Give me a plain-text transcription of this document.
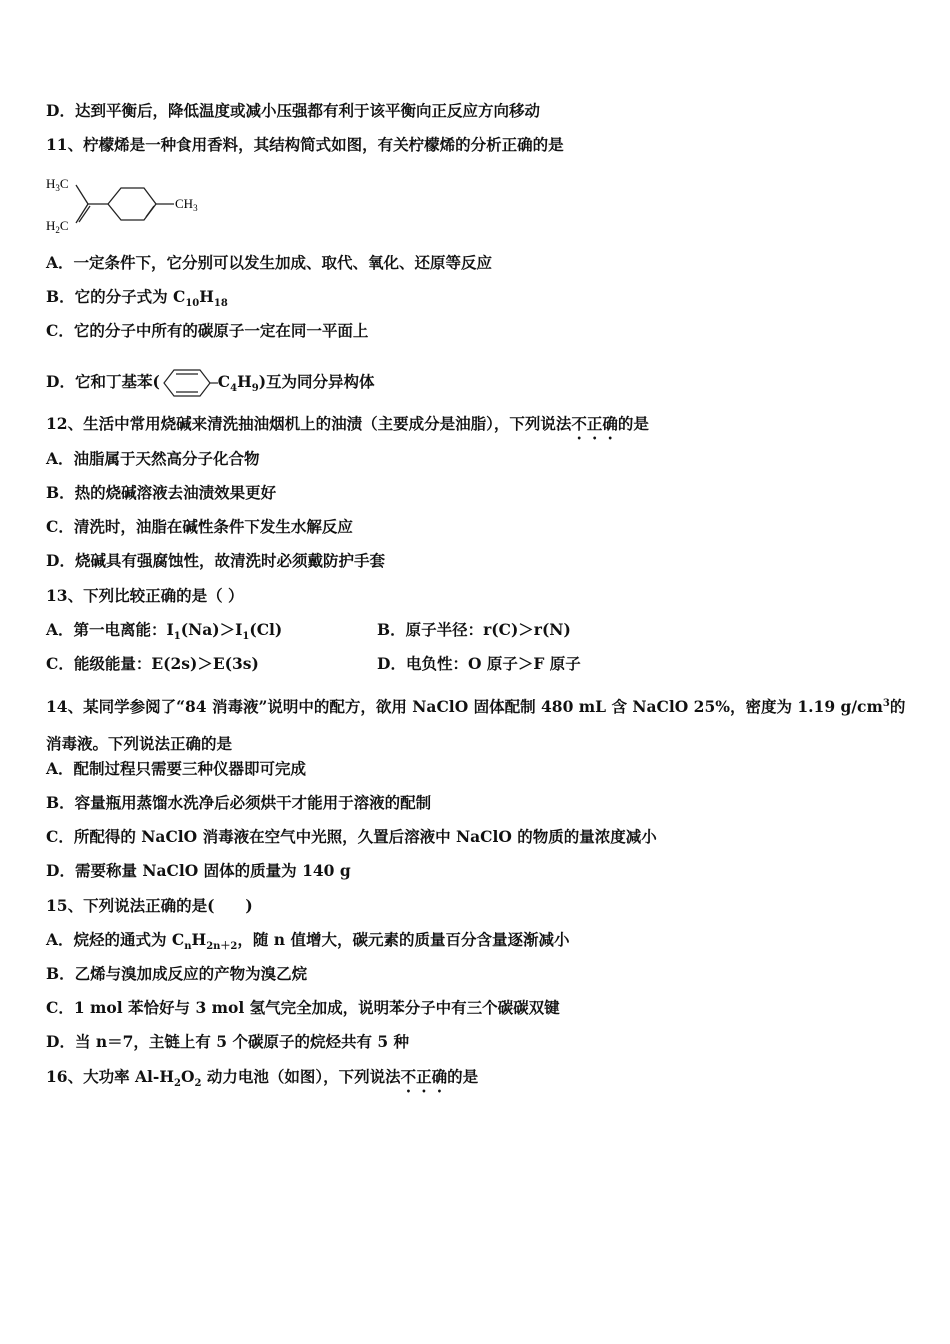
D．达到平衡后，降低温度或减小压强都有利于该平衡向正反应方向移动
11、柠檬烯是一种食用香料，其结构简式如图，有关柠檬烯的分析正确的是
$H_3C$
$H_2C$
$CH_3$
A．一定条件下，它分别可以发生加成、取代、氧化、还原等反应
B．它的分子式为 $C_{10}H_{18}$
C．它的分子中所有的碳原子一定在同一平面上
D．它和丁基苯(	$C_4H_9$)互为同分异构体
12、生活中常用烧碱来清洗抽油烟机上的油渍（主要成分是油脂），下列说法不正确的是
A．油脂属于天然高分子化合物
B．热的烧碱溶液去油渍效果更好
C．清洗时，油脂在碱性条件下发生水解反应
D．烧碱具有强腐蚀性，故清洗时必须戴防护手套
13、下列比较正确的是（ ）
A．第一电离能：$I_1(Na)>I_1(Cl)$	B．原子半径：r(C)＞r(N)
C．能级能量：E(2s)＞E(3s)	D．电负性：O 原子＞F 原子
14、某同学参阅了“84 消毒液”说明中的配方，欲用 NaClO 固体配制 480 mL 含 NaClO 25%，密度为 1.19 $g/cm^3$的消毒液。下列说法正确的是
A．配制过程只需要三种仪器即可完成
B．容量瓶用蒸馏水洗净后必须烘干才能用于溶液的配制
C．所配得的 NaClO 消毒液在空气中光照，久置后溶液中 NaClO 的物质的量浓度减小
D．需要称量 NaClO 固体的质量为 140 g
15、下列说法正确的是(　　)
A．烷烃的通式为 $C_nH_{2n+2}$，随 n 值增大，碳元素的质量百分含量逐渐减小
B．乙烯与溴加成反应的产物为溴乙烷
C．1 mol 苯恰好与 3 mol 氢气完全加成，说明苯分子中有三个碳碳双键
D．当 n＝7，主链上有 5 个碳原子的烷烃共有 5 种
16、大功率 $Al-H_2O_2$ 动力电池（如图），下列说法不正确的是
